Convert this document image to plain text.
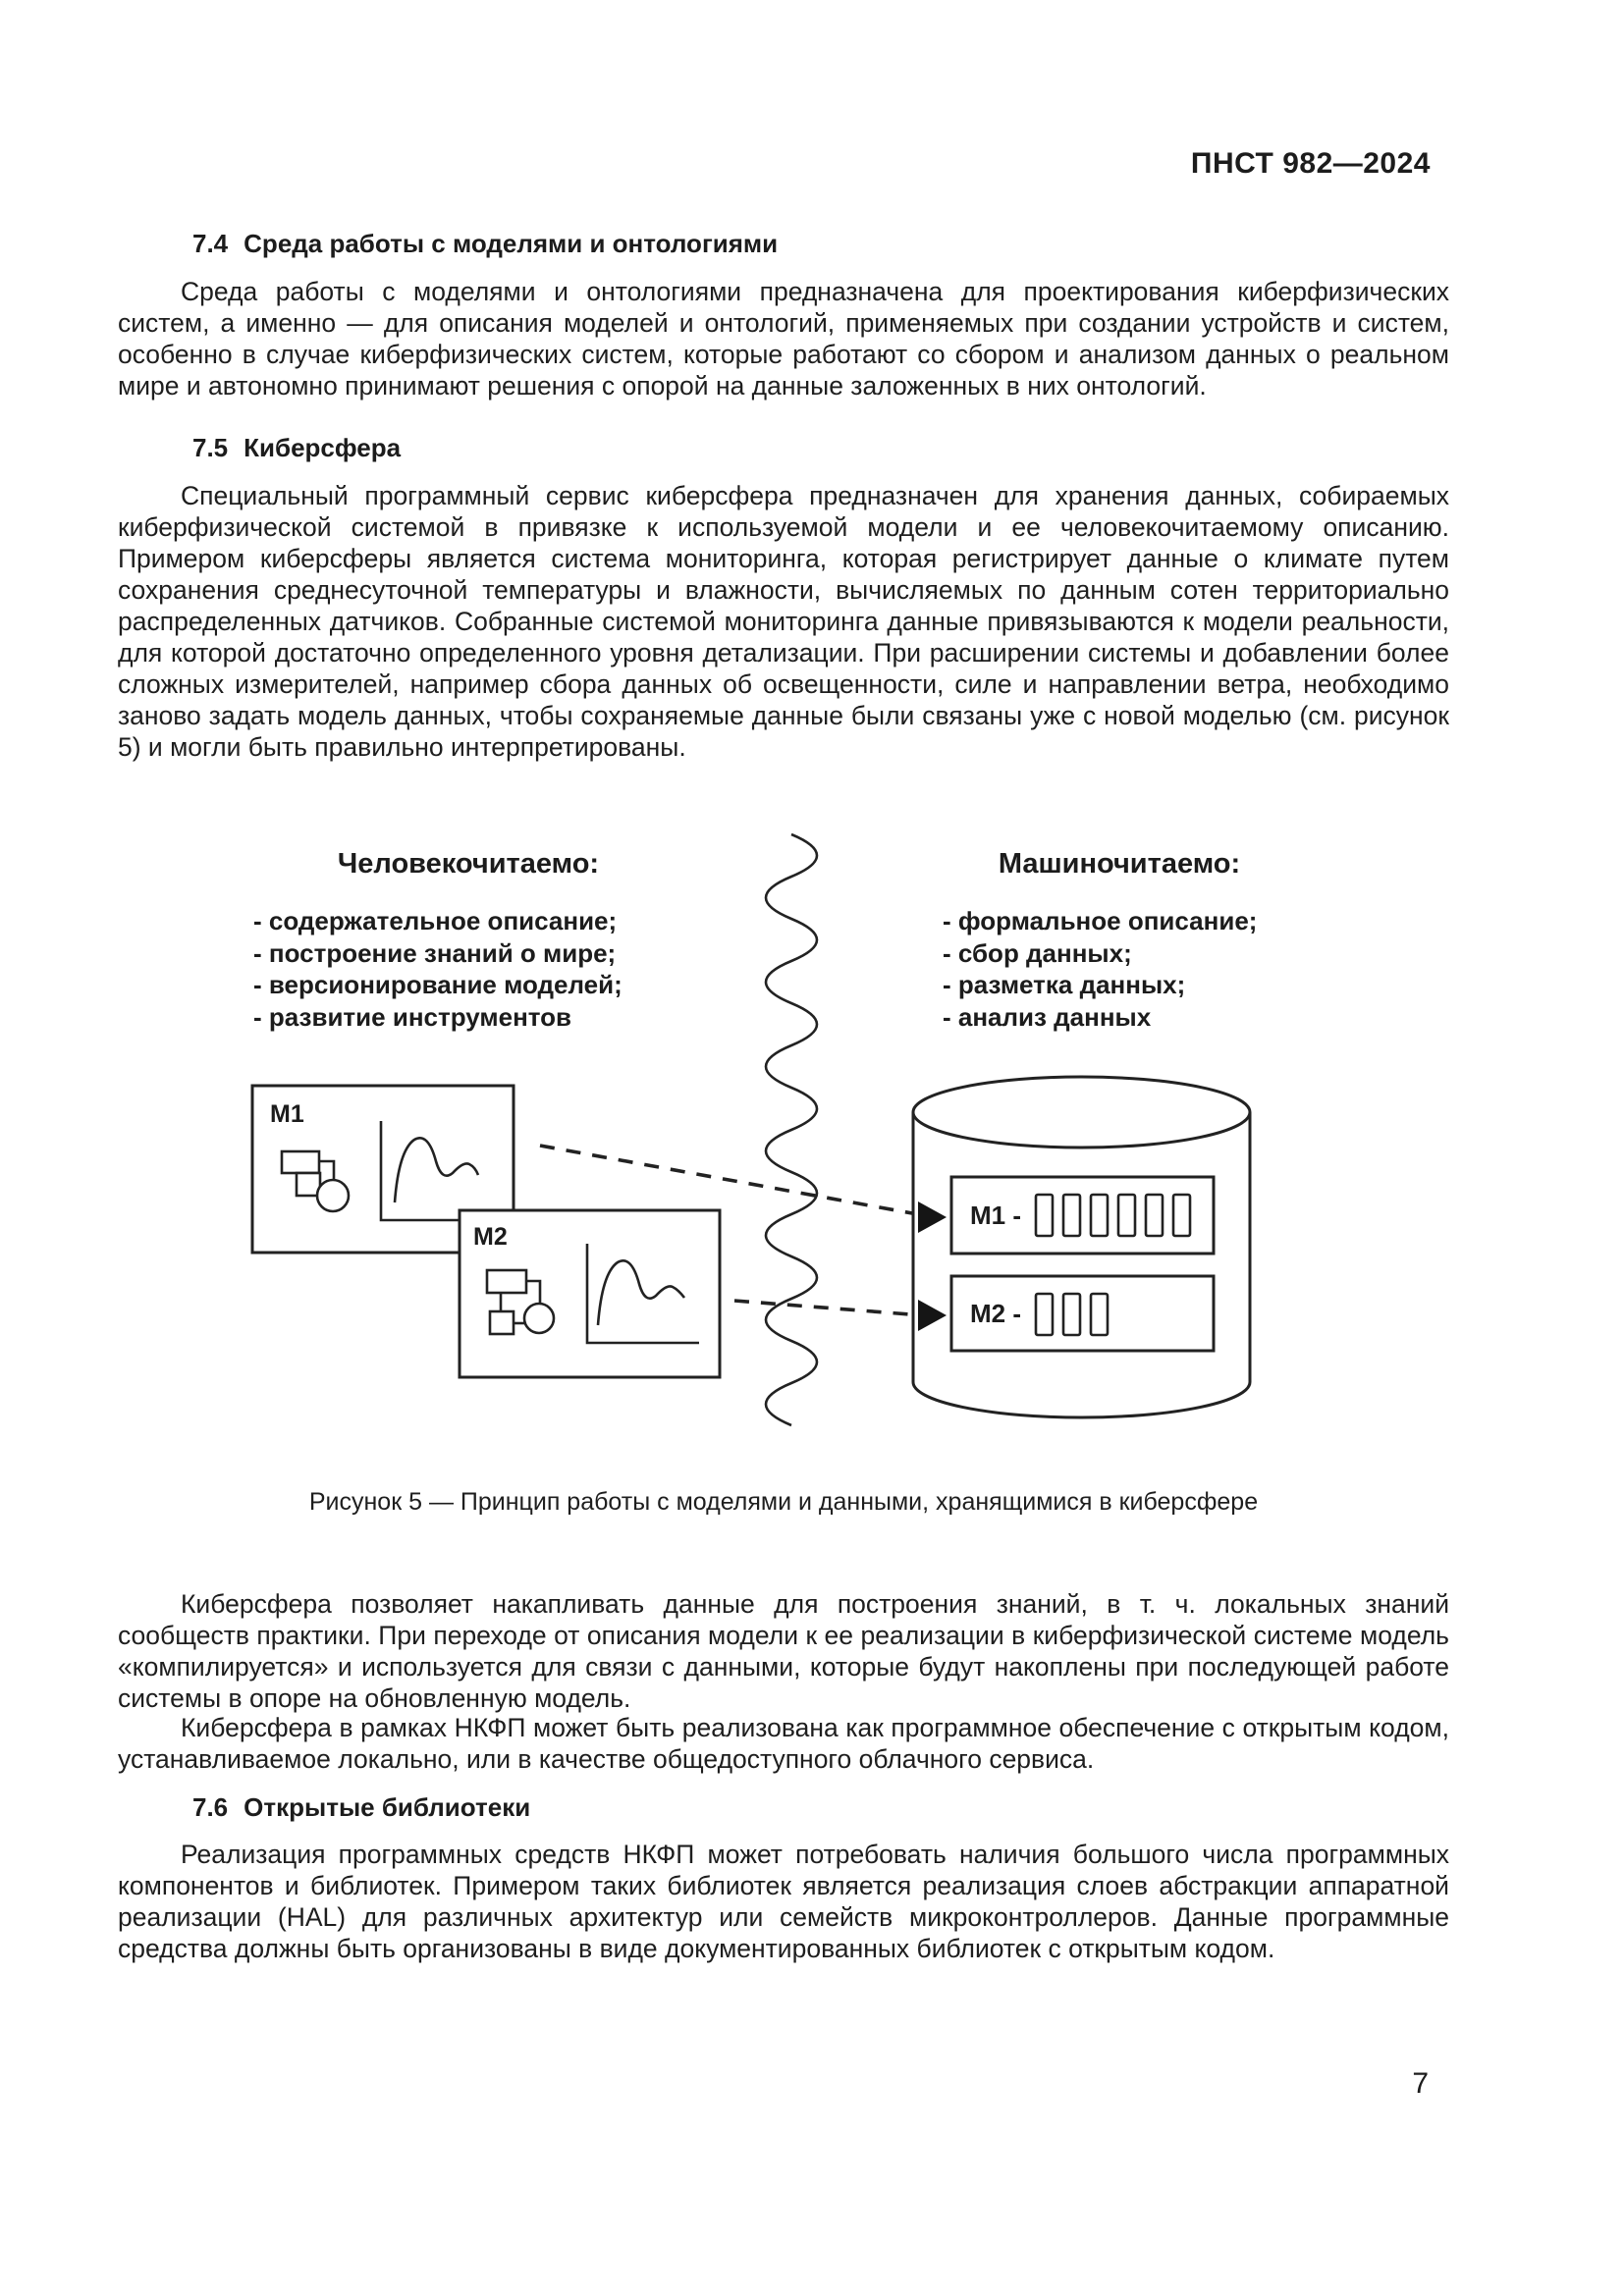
ПНСТ 982—2024
7.4 Среда работы с моделями и онтологиями
Среда работы с моделями и онтологиями предназначена для проектирования киберфизических систем, а именно — для описания моделей и онтологий, применяемых при создании устройств и систем, особенно в случае киберфизических систем, которые работают со сбором и анализом данных о реальном мире и автономно принимают решения с опорой на данные заложенных в них онтологий.
7.5 Киберсфера
Специальный программный сервис киберсфера предназначен для хранения данных, собираемых киберфизической системой в привязке к используемой модели и ее человекочитаемому описанию. Примером киберсферы является система мониторинга, которая регистрирует данные о климате путем сохранения среднесуточной температуры и влажности, вычисляемых по данным сотен территориально распределенных датчиков. Собранные системой мониторинга данные привязываются к модели реальности, для которой достаточно определенного уровня детализации. При расширении системы и добавлении более сложных измерителей, например сбора данных об освещенности, силе и направлении ветра, необходимо заново задать модель данных, чтобы сохраняемые данные были связаны уже с новой моделью (см. рисунок 5) и могли быть правильно интерпретированы.
Человекочитаемо:
- содержательное описание;
- построение знаний о мире;
- версионирование моделей;
- развитие инструментов
Машиночитаемо:
- формальное описание;
- сбор данных;
- разметка данных;
- анализ данных
M1
M2
M1 -
M2 -
Рисунок 5 — Принцип работы с моделями и данными, хранящимися в киберсфере
Киберсфера позволяет накапливать данные для построения знаний, в т. ч. локальных знаний сообществ практики. При переходе от описания модели к ее реализации в киберфизической системе модель «компилируется» и используется для связи с данными, которые будут накоплены при последующей работе системы в опоре на обновленную модель.
Киберсфера в рамках НКФП может быть реализована как программное обеспечение с открытым кодом, устанавливаемое локально, или в качестве общедоступного облачного сервиса.
7.6 Открытые библиотеки
Реализация программных средств НКФП может потребовать наличия большого числа программных компонентов и библиотек. Примером таких библиотек является реализация слоев абстракции аппаратной реализации (HAL) для различных архитектур или семейств микроконтроллеров. Данные программные средства должны быть организованы в виде документированных библиотек с открытым кодом.
7
